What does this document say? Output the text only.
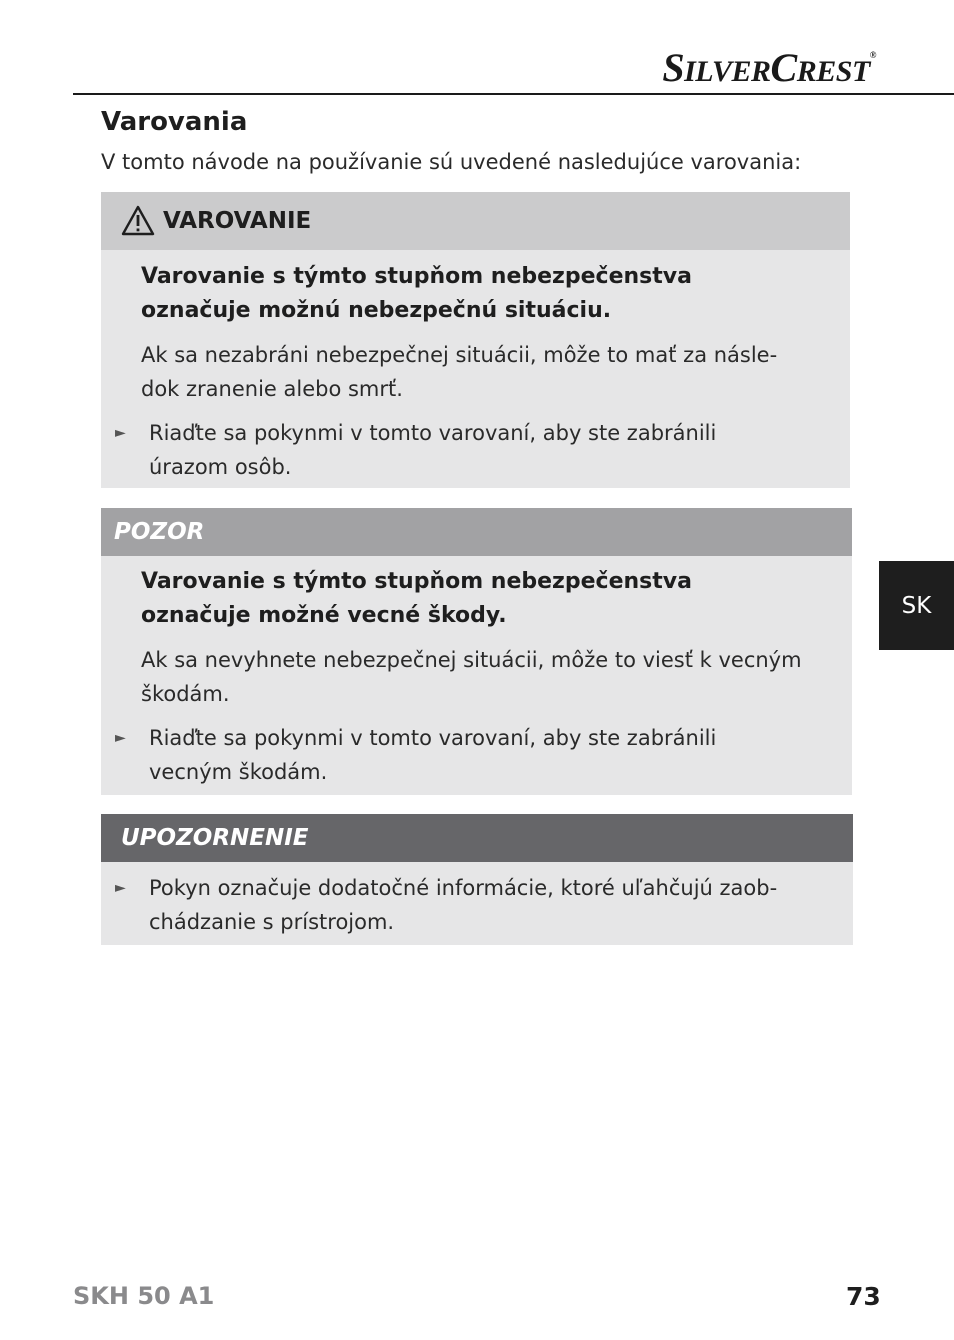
SILVERCREST®
Varovania
V tomto návode na používanie sú uvedené nasledujúce varovania:
VAROVANIE
Varovanie s týmto stupňom nebezpečenstva
označuje možnú nebezpečnú situáciu.
Ak sa nezabráni nebezpečnej situácii, môže to mať za násle-
dok zranenie alebo smrť.
►	Riaďte sa pokynmi v tomto varovaní, aby ste zabránili
úrazom osôb.
POZOR
Varovanie s týmto stupňom nebezpečenstva
označuje možné vecné škody.
Ak sa nevyhnete nebezpečnej situácii, môže to viesť k vecným
škodám.
►	Riaďte sa pokynmi v tomto varovaní, aby ste zabránili
vecným škodám.
UPOZORNENIE
►	Pokyn označuje dodatočné informácie, ktoré uľahčujú zaob-
chádzanie s prístrojom.
SK
SKH 50 A1	73
